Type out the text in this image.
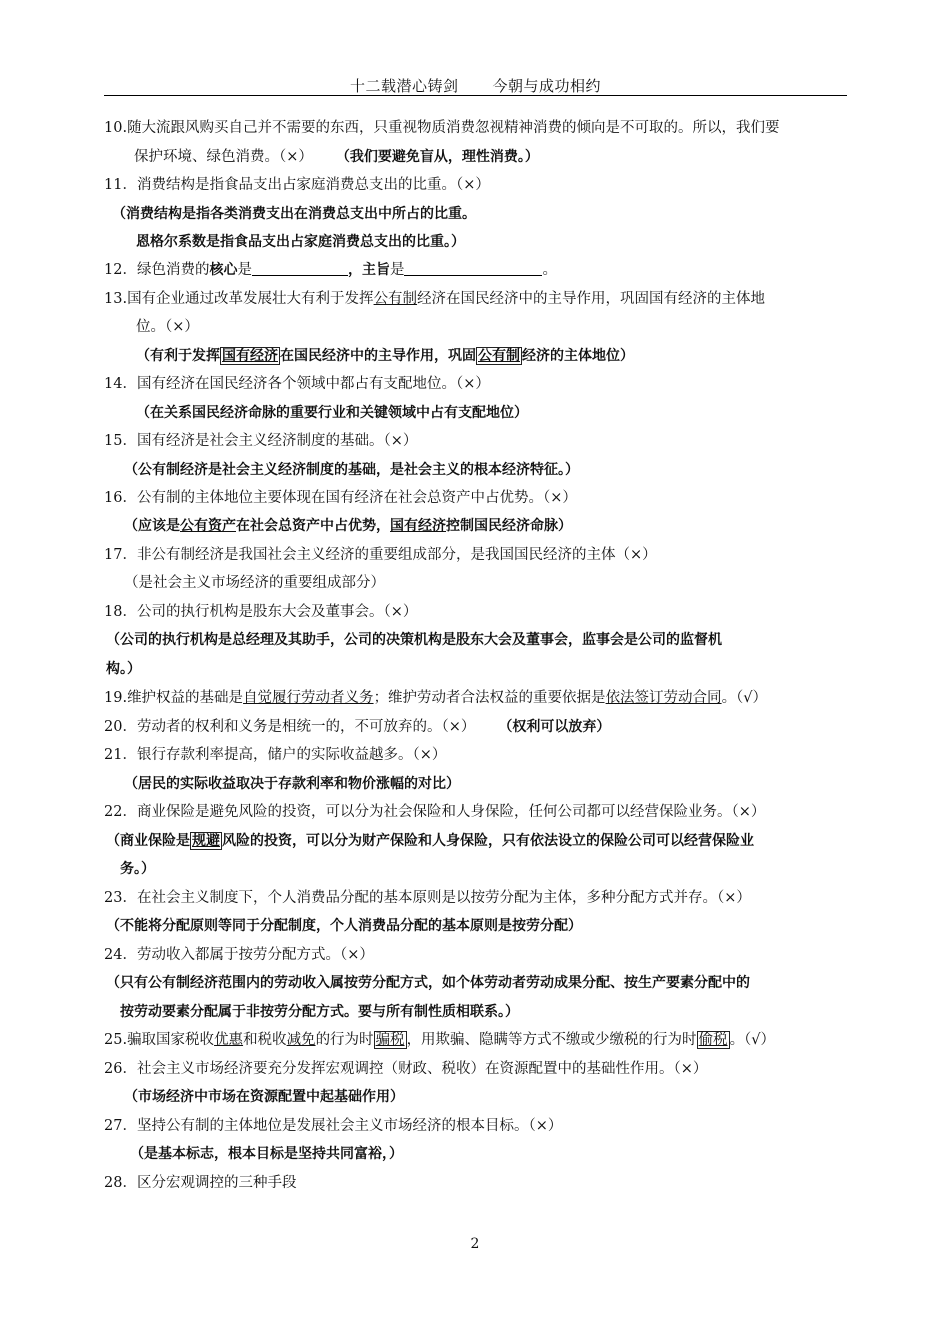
十二载潜心铸剑 今朝与成功相约
10.随大流跟风购买自己并不需要的东西，只重视物质消费忽视精神消费的倾向是不可取的。所以，我们要
保护环境、绿色消费。（×） （我们要避免盲从，理性消费。）
11．消费结构是指食品支出占家庭消费总支出的比重。（×）
（消费结构是指各类消费支出在消费总支出中所占的比重。
恩格尔系数是指食品支出占家庭消费总支出的比重。）
12．绿色消费的核心是	，主旨是	。
13.国有企业通过改革发展壮大有利于发挥公有制经济在国民经济中的主导作用，巩固国有经济的主体地
位。（×）
（有利于发挥 国有经济 在国民经济中的主导作用，巩固 公有制 经济的主体地位）
14．国有经济在国民经济各个领域中都占有支配地位。（×）
（在关系国民经济命脉的重要行业和关键领域中占有支配地位）
15．国有经济是社会主义经济制度的基础。（×）
（公有制经济是社会主义经济制度的基础，是社会主义的根本经济特征。）
16．公有制的主体地位主要体现在国有经济在社会总资产中占优势。（×）
（应该是公有资产在社会总资产中占优势，国有经济控制国民经济命脉）
17．非公有制经济是我国社会主义经济的重要组成部分，是我国国民经济的主体（×）
（是社会主义市场经济的重要组成部分）
18．公司的执行机构是股东大会及董事会。（×）
（公司的执行机构是总经理及其助手，公司的决策机构是股东大会及董事会，监事会是公司的监督机
构。）
19.维护权益的基础是自觉履行劳动者义务；维护劳动者合法权益的重要依据是依法签订劳动合同。（√）
20．劳动者的权利和义务是相统一的，不可放弃的。（×） （权利可以放弃）
21．银行存款利率提高，储户的实际收益越多。（×）
（居民的实际收益取决于存款利率和物价涨幅的对比）
22．商业保险是避免风险的投资，可以分为社会保险和人身保险，任何公司都可以经营保险业务。（×）
（商业保险是 规避 风险的投资，可以分为财产保险和人身保险，只有依法设立的保险公司可以经营保险业
务。）
23．在社会主义制度下，个人消费品分配的基本原则是以按劳分配为主体，多种分配方式并存。（×）
（不能将分配原则等同于分配制度，个人消费品分配的基本原则是按劳分配）
24．劳动收入都属于按劳分配方式。（×）
（只有公有制经济范围内的劳动收入属按劳分配方式，如个体劳动者劳动成果分配、按生产要素分配中的
按劳动要素分配属于非按劳分配方式。要与所有制性质相联系。）
25.骗取国家税收优惠和税收减免的行为时 骗税 ，用欺骗、隐瞒等方式不缴或少缴税的行为时 偷税 。（√）
26．社会主义市场经济要充分发挥宏观调控（财政、税收）在资源配置中的基础性作用。（×）
（市场经济中市场在资源配置中起基础作用）
27．坚持公有制的主体地位是发展社会主义市场经济的根本目标。（×）
（是基本标志，根本目标是坚持共同富裕，）
28．区分宏观调控的三种手段
2
